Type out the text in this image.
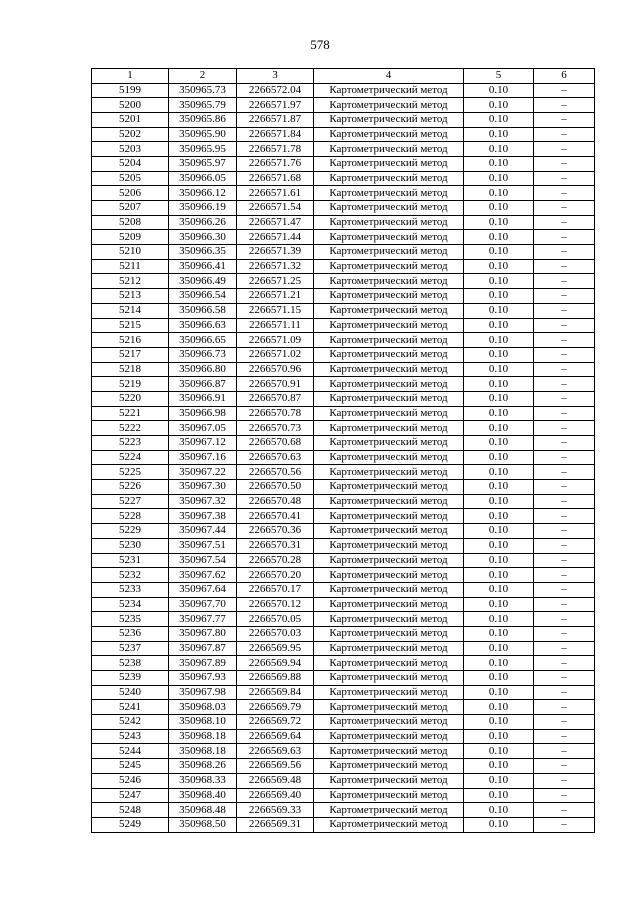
578
1	2	3	4	5	6
5199	350965.73	2266572.04	Картометрический метод	0.10	–
5200	350965.79	2266571.97	Картометрический метод	0.10	–
5201	350965.86	2266571.87	Картометрический метод	0.10	–
5202	350965.90	2266571.84	Картометрический метод	0.10	–
5203	350965.95	2266571.78	Картометрический метод	0.10	–
5204	350965.97	2266571.76	Картометрический метод	0.10	–
5205	350966.05	2266571.68	Картометрический метод	0.10	–
5206	350966.12	2266571.61	Картометрический метод	0.10	–
5207	350966.19	2266571.54	Картометрический метод	0.10	–
5208	350966.26	2266571.47	Картометрический метод	0.10	–
5209	350966.30	2266571.44	Картометрический метод	0.10	–
5210	350966.35	2266571.39	Картометрический метод	0.10	–
5211	350966.41	2266571.32	Картометрический метод	0.10	–
5212	350966.49	2266571.25	Картометрический метод	0.10	–
5213	350966.54	2266571.21	Картометрический метод	0.10	–
5214	350966.58	2266571.15	Картометрический метод	0.10	–
5215	350966.63	2266571.11	Картометрический метод	0.10	–
5216	350966.65	2266571.09	Картометрический метод	0.10	–
5217	350966.73	2266571.02	Картометрический метод	0.10	–
5218	350966.80	2266570.96	Картометрический метод	0.10	–
5219	350966.87	2266570.91	Картометрический метод	0.10	–
5220	350966.91	2266570.87	Картометрический метод	0.10	–
5221	350966.98	2266570.78	Картометрический метод	0.10	–
5222	350967.05	2266570.73	Картометрический метод	0.10	–
5223	350967.12	2266570.68	Картометрический метод	0.10	–
5224	350967.16	2266570.63	Картометрический метод	0.10	–
5225	350967.22	2266570.56	Картометрический метод	0.10	–
5226	350967.30	2266570.50	Картометрический метод	0.10	–
5227	350967.32	2266570.48	Картометрический метод	0.10	–
5228	350967.38	2266570.41	Картометрический метод	0.10	–
5229	350967.44	2266570.36	Картометрический метод	0.10	–
5230	350967.51	2266570.31	Картометрический метод	0.10	–
5231	350967.54	2266570.28	Картометрический метод	0.10	–
5232	350967.62	2266570.20	Картометрический метод	0.10	–
5233	350967.64	2266570.17	Картометрический метод	0.10	–
5234	350967.70	2266570.12	Картометрический метод	0.10	–
5235	350967.77	2266570.05	Картометрический метод	0.10	–
5236	350967.80	2266570.03	Картометрический метод	0.10	–
5237	350967.87	2266569.95	Картометрический метод	0.10	–
5238	350967.89	2266569.94	Картометрический метод	0.10	–
5239	350967.93	2266569.88	Картометрический метод	0.10	–
5240	350967.98	2266569.84	Картометрический метод	0.10	–
5241	350968.03	2266569.79	Картометрический метод	0.10	–
5242	350968.10	2266569.72	Картометрический метод	0.10	–
5243	350968.18	2266569.64	Картометрический метод	0.10	–
5244	350968.18	2266569.63	Картометрический метод	0.10	–
5245	350968.26	2266569.56	Картометрический метод	0.10	–
5246	350968.33	2266569.48	Картометрический метод	0.10	–
5247	350968.40	2266569.40	Картометрический метод	0.10	–
5248	350968.48	2266569.33	Картометрический метод	0.10	–
5249	350968.50	2266569.31	Картометрический метод	0.10	–
